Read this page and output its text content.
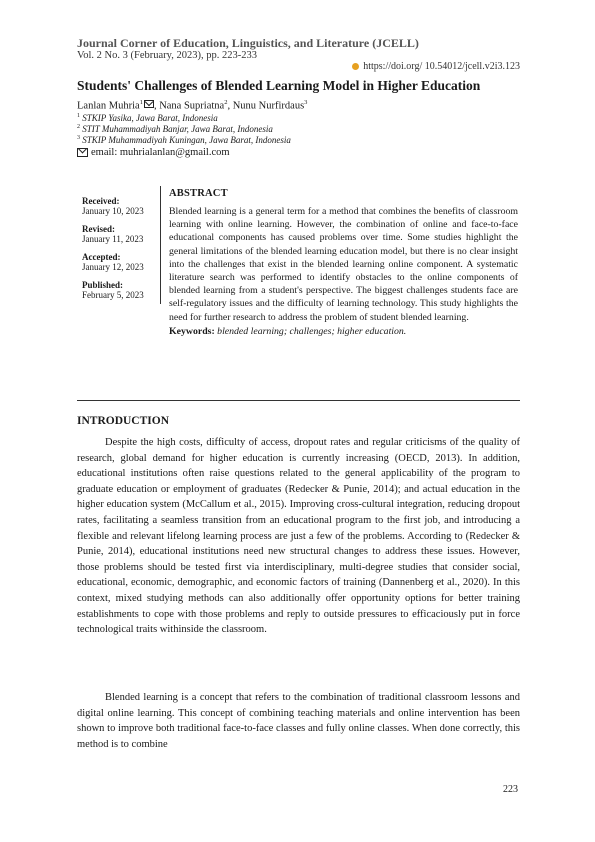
Journal Corner of Education, Linguistics, and Literature (JCELL)
Vol. 2 No. 3 (February, 2023), pp. 223-233
https://doi.org/ 10.54012/jcell.v2i3.123
Students' Challenges of Blended Learning Model in Higher Education
Lanlan Muhria$^1$ , Nana Supriatna$^2$, Nunu Nurfirdaus$^3$
$^1$ STKIP Yasika, Jawa Barat, Indonesia
$^2$ STIT Muhammadiyah Banjar, Jawa Barat, Indonesia
$^3$ STKIP Muhammadiyah Kuningan, Jawa Barat, Indonesia
email: muhrialanlan@gmail.com
Received:
January 10, 2023
Revised:
January 11, 2023
Accepted:
January 12, 2023
Published:
February 5, 2023
ABSTRACT

Blended learning is a general term for a method that combines the benefits of classroom learning with online learning. However, the combination of online and face-to-face educational components has caused problems over time. Some studies highlight the general limitations of the blended learning education model, but there is no clear insight into the challenges that exist in the blended learning online component. A systematic literature search was performed to identify obstacles to the online components of blended learning from a student's perspective. The biggest challenges students face are self-regulatory issues and the difficulty of learning technology. This study highlights the need for further research to address the problem of student blended learning.

Keywords: blended learning; challenges; higher education.
INTRODUCTION

Despite the high costs, difficulty of access, dropout rates and regular criticisms of the quality of research, global demand for higher education is currently increasing (OECD, 2013). In addition, educational institutions often raise questions related to the general applicability of the program to graduate education or employment of graduates (Redecker & Punie, 2014); and actual education in the higher education system (McCallum et al., 2015). Improving cross-cultural integration, reducing dropout rates, facilitating a seamless transition from an educational program to the first job, and introducing a flexible and relevant lifelong learning process are just a few of the problems. According to (Redecker & Punie, 2014), educational institutions need new structural changes to address these issues. However, those problems should be tested first via interdisciplinary, multi-degree studies that consider social, educational, economic, demographic, and economic factors of training (Dannenberg et al., 2020). In this context, mixed studying methods can also additionally offer opportunity options for better training establishments to cope with those problems and reply to outside pressures to efficaciously put in force technological traits withinside the classroom.

Blended learning is a concept that refers to the combination of traditional classroom lessons and digital online learning. This concept of combining teaching materials and online intervention has been shown to improve both traditional face-to-face classes and fully online classes. When done correctly, this method is to combine

223
